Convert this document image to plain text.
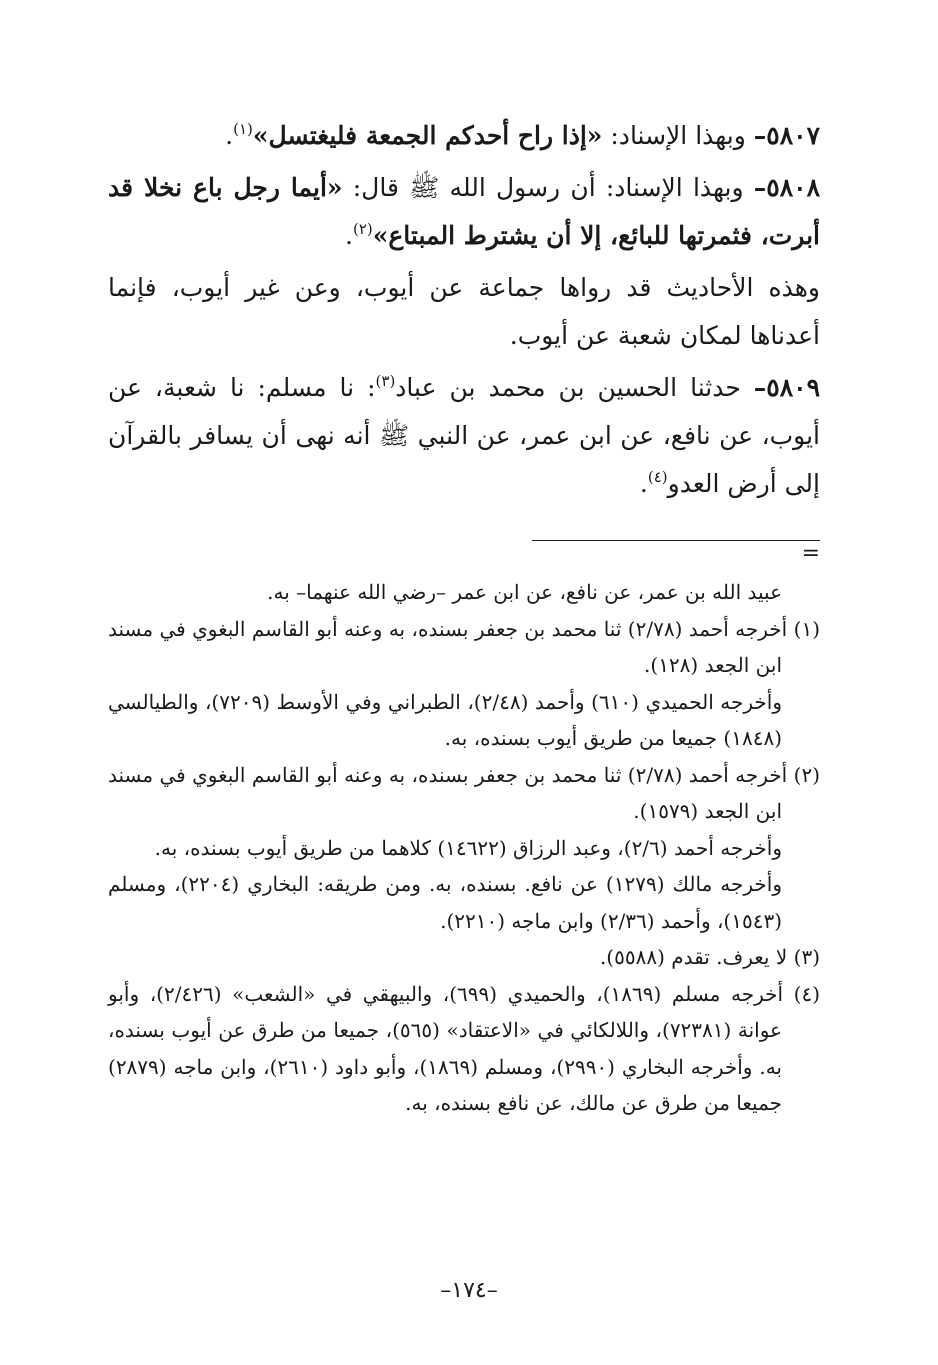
٥٨٠٧– وبهذا الإسناد: «إذا راح أحدكم الجمعة فليغتسل»$^{(١)}$.

٥٨٠٨– وبهذا الإسناد: أن رسول الله ﷺ قال: «أيما رجل باع نخلا قد أبرت، فثمرتها للبائع، إلا أن يشترط المبتاع»$^{(٢)}$.

وهذه الأحاديث قد رواها جماعة عن أيوب، وعن غير أيوب، فإنما أعدناها لمكان شعبة عن أيوب.

٥٨٠٩– حدثنا الحسين بن محمد بن عباد$^{(٣)}$: نا مسلم: نا شعبة، عن أيوب، عن نافع، عن ابن عمر، عن النبي ﷺ أنه نهى أن يسافر بالقرآن إلى أرض العدو$^{(٤)}$.

=

عبيد الله بن عمر، عن نافع، عن ابن عمر –رضي الله عنهما– به.

(١) أخرجه أحمد (٢/٧٨) ثنا محمد بن جعفر بسنده، به وعنه أبو القاسم البغوي في مسند ابن الجعد (١٢٨).

وأخرجه الحميدي (٦١٠) وأحمد (٢/٤٨)، الطبراني وفي الأوسط (٧٢٠٩)، والطيالسي (١٨٤٨) جميعا من طريق أيوب بسنده، به.

(٢) أخرجه أحمد (٢/٧٨) ثنا محمد بن جعفر بسنده، به وعنه أبو القاسم البغوي في مسند ابن الجعد (١٥٧٩).

وأخرجه أحمد (٢/٦)، وعبد الرزاق (١٤٦٢٢) كلاهما من طريق أيوب بسنده، به.

وأخرجه مالك (١٢٧٩) عن نافع. بسنده، به. ومن طريقه: البخاري (٢٢٠٤)، ومسلم (١٥٤٣)، وأحمد (٢/٣٦) وابن ماجه (٢٢١٠).

(٣) لا يعرف. تقدم (٥٥٨٨).

(٤) أخرجه مسلم (١٨٦٩)، والحميدي (٦٩٩)، والبيهقي في «الشعب» (٢/٤٢٦)، وأبو عوانة (٧٢٣٨١)، واللالكائي في «الاعتقاد» (٥٦٥)، جميعا من طرق عن أيوب بسنده، به. وأخرجه البخاري (٢٩٩٠)، ومسلم (١٨٦٩)، وأبو داود (٢٦١٠)، وابن ماجه (٢٨٧٩) جميعا من طرق عن مالك، عن نافع بسنده، به.

–١٧٤–
